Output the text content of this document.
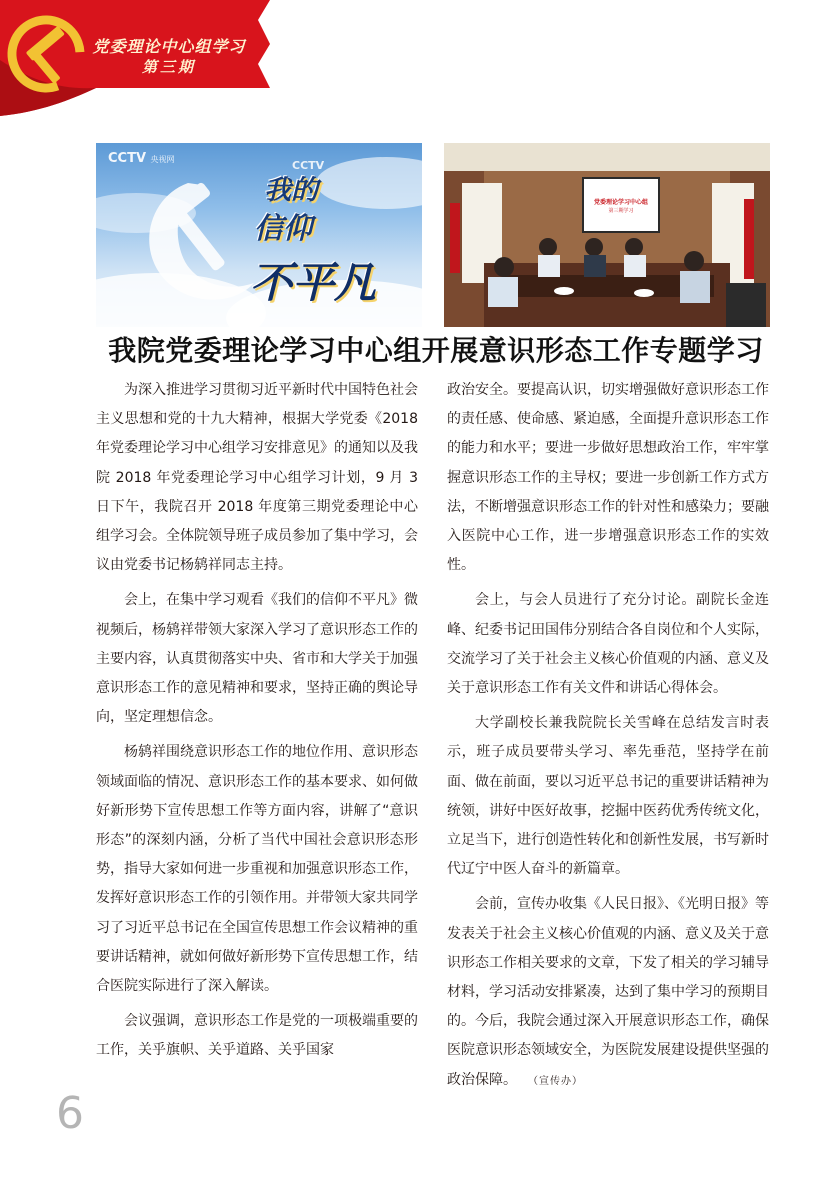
党委理论中心组学习
第三期
CCTV 央视网	CCTV
我的
信仰
不平凡
党委理论学习中心组
第三期学习
我院党委理论学习中心组开展意识形态工作专题学习

为深入推进学习贯彻习近平新时代中国特色社会主义思想和党的十九大精神，根据大学党委《2018 年党委理论学习中心组学习安排意见》的通知以及我院 2018 年党委理论学习中心组学习计划，9 月 3 日下午，我院召开 2018 年度第三期党委理论中心组学习会。全体院领导班子成员参加了集中学习，会议由党委书记杨鸫祥同志主持。

会上，在集中学习观看《我们的信仰不平凡》微视频后，杨鸫祥带领大家深入学习了意识形态工作的主要内容，认真贯彻落实中央、省市和大学关于加强意识形态工作的意见精神和要求，坚持正确的舆论导向，坚定理想信念。

杨鸫祥围绕意识形态工作的地位作用、意识形态领域面临的情况、意识形态工作的基本要求、如何做好新形势下宣传思想工作等方面内容，讲解了“意识形态”的深刻内涵，分析了当代中国社会意识形态形势，指导大家如何进一步重视和加强意识形态工作，发挥好意识形态工作的引领作用。并带领大家共同学习了习近平总书记在全国宣传思想工作会议精神的重要讲话精神，就如何做好新形势下宣传思想工作，结合医院实际进行了深入解读。

会议强调，意识形态工作是党的一项极端重要的工作，关乎旗帜、关乎道路、关乎国家

政治安全。要提高认识，切实增强做好意识形态工作的责任感、使命感、紧迫感，全面提升意识形态工作的能力和水平；要进一步做好思想政治工作，牢牢掌握意识形态工作的主导权；要进一步创新工作方式方法，不断增强意识形态工作的针对性和感染力；要融入医院中心工作，进一步增强意识形态工作的实效性。

会上，与会人员进行了充分讨论。副院长金连峰、纪委书记田国伟分别结合各自岗位和个人实际，交流学习了关于社会主义核心价值观的内涵、意义及关于意识形态工作有关文件和讲话心得体会。

大学副校长兼我院院长关雪峰在总结发言时表示，班子成员要带头学习、率先垂范，坚持学在前面、做在前面，要以习近平总书记的重要讲话精神为统领，讲好中医好故事，挖掘中医药优秀传统文化，立足当下，进行创造性转化和创新性发展，书写新时代辽宁中医人奋斗的新篇章。

会前，宣传办收集《人民日报》、《光明日报》等发表关于社会主义核心价值观的内涵、意义及关于意识形态工作相关要求的文章，下发了相关的学习辅导材料，学习活动安排紧凑，达到了集中学习的预期目的。今后，我院会通过深入开展意识形态工作，确保医院意识形态领域安全，为医院发展建设提供坚强的政治保障。 （宣传办）

6
